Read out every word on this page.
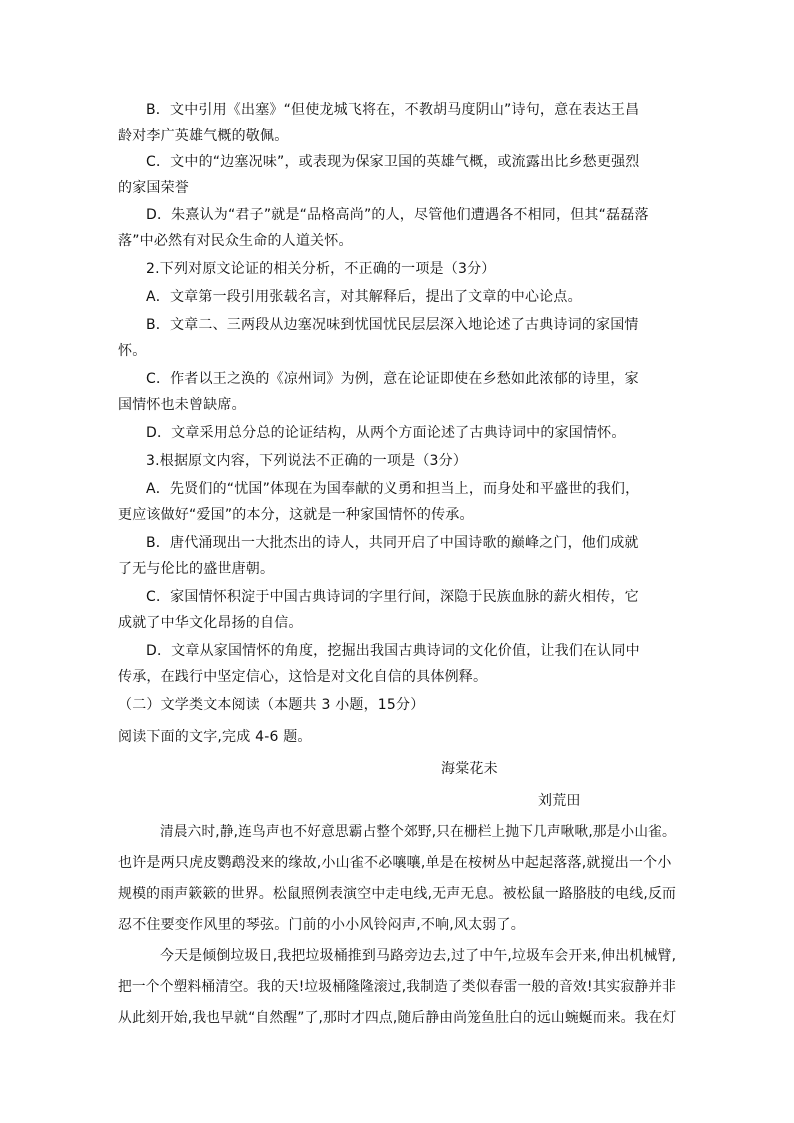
B．文中引用《出塞》“但使龙城飞将在，不教胡马度阴山”诗句，意在表达王昌
龄对李广英雄气概的敬佩。
C．文中的“边塞况味”，或表现为保家卫国的英雄气概，或流露出比乡愁更强烈
的家国荣誉
D．朱熹认为“君子”就是“品格高尚”的人，尽管他们遭遇各不相同，但其“磊磊落
落”中必然有对民众生命的人道关怀。
2.下列对原文论证的相关分析，不正确的一项是（3分）
A．文章第一段引用张载名言，对其解释后，提出了文章的中心论点。
B．文章二、三两段从边塞况味到忧国忧民层层深入地论述了古典诗词的家国情
怀。
C．作者以王之涣的《凉州词》为例，意在论证即使在乡愁如此浓郁的诗里，家
国情怀也未曾缺席。
D．文章采用总分总的论证结构，从两个方面论述了古典诗词中的家国情怀。
3.根据原文内容，下列说法不正确的一项是（3分）
A．先贤们的“忧国”体现在为国奉献的义勇和担当上，而身处和平盛世的我们，
更应该做好“爱国”的本分，这就是一种家国情怀的传承。
B．唐代涌现出一大批杰出的诗人，共同开启了中国诗歌的巅峰之门，他们成就
了无与伦比的盛世唐朝。
C．家国情怀积淀于中国古典诗词的字里行间，深隐于民族血脉的薪火相传，它
成就了中华文化昂扬的自信。
D．文章从家国情怀的角度，挖掘出我国古典诗词的文化价值，让我们在认同中
传承，在践行中坚定信心，这恰是对文化自信的具体例释。
（二）文学类文本阅读（本题共 3 小题，15分）
阅读下面的文字,完成 4-6 题。
海棠花未
刘荒田
清晨六时,静,连鸟声也不好意思霸占整个郊野,只在栅栏上抛下几声啾啾,那是小山雀。
也许是两只虎皮鹦鹉没来的缘故,小山雀不必嚷嚷,单是在桉树丛中起起落落,就搅出一个小
规模的雨声簌簌的世界。松鼠照例表演空中走电线,无声无息。被松鼠一路胳肢的电线,反而
忍不住要变作风里的琴弦。门前的小小风铃闷声,不响,风太弱了。
今天是倾倒垃圾日,我把垃圾桶推到马路旁边去,过了中午,垃圾车会开来,伸出机械臂,
把一个个塑料桶清空。我的天!垃圾桶隆隆滚过,我制造了类似春雷一般的音效!其实寂静并非
从此刻开始,我也早就“自然醒”了,那时才四点,随后静由尚笼鱼肚白的远山蜿蜒而来。我在灯
